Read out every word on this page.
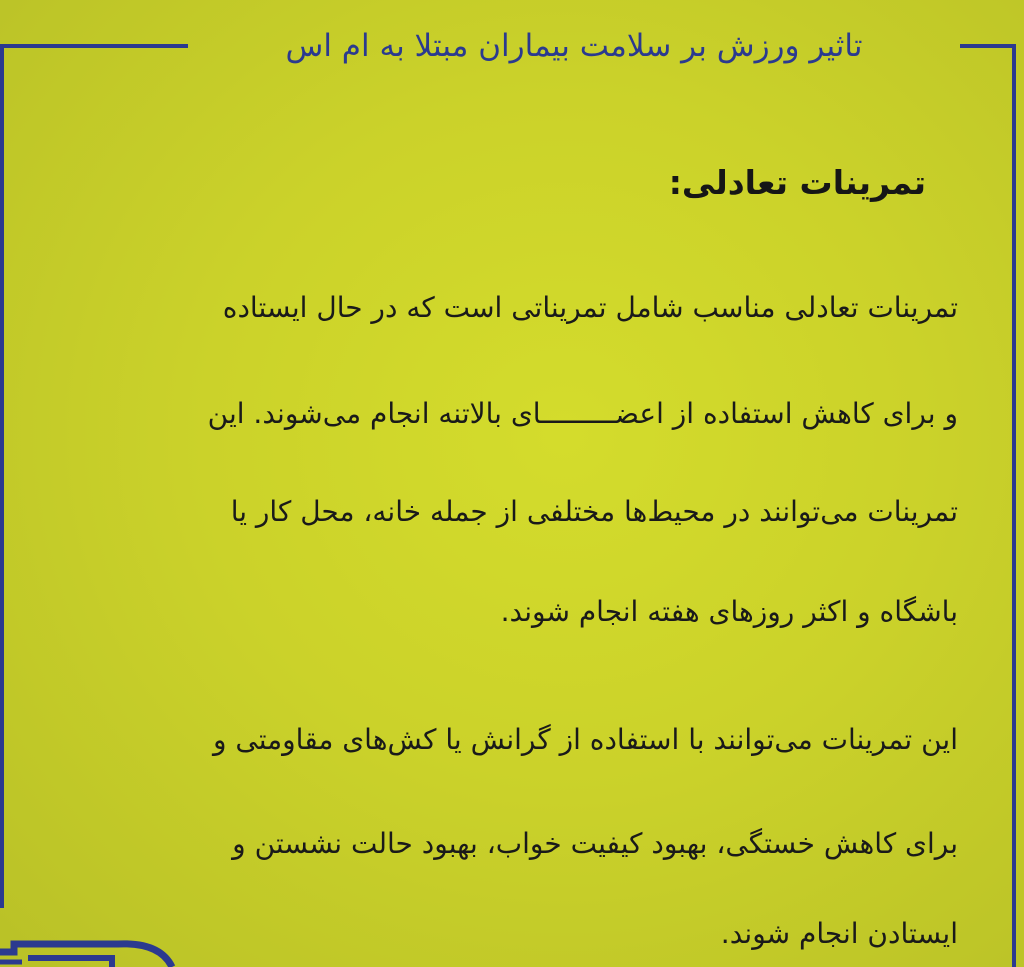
تاثیر ورزش بر سلامت بیماران مبتلا به ام اس
تمرینات تعادلی:

تمرینات تعادلی مناسب شامل تمریناتی است که در حال ایستاده

و برای کاهش استفاده از اعضـــــــــای بالاتنه انجام می‌شوند. این

تمرینات می‌توانند در محیط‌ها مختلفی از جمله خانه، محل کار یا

باشگاه و اکثر روزهای هفته انجام شوند.

این تمرینات می‌توانند با استفاده از گرانش یا کش‌های مقاومتی و

برای کاهش خستگی، بهبود کیفیت خواب، بهبود حالت نشستن و

ایستادن انجام شوند.
